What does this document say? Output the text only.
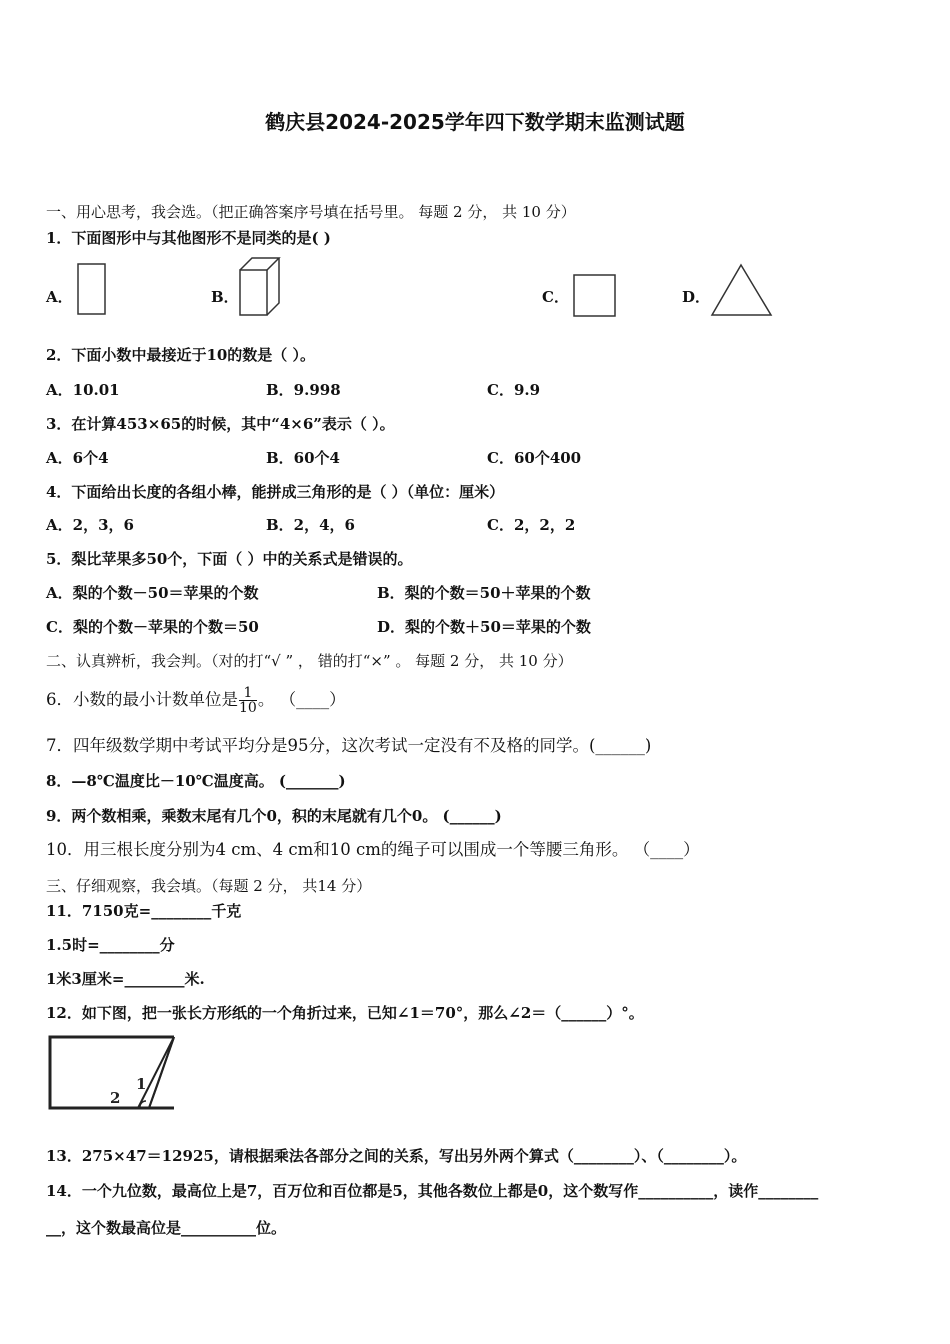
鹤庆县2024-2025学年四下数学期末监测试题
一、用心思考，我会选。（把正确答案序号填在括号里。 每题 2 分， 共 10 分）
1．下面图形中与其他图形不是同类的是( )
A．	B．	C．	D．
2．下面小数中最接近于10的数是（ ）。
A．10.01	B．9.998	C．9.9
3．在计算453×65的时候，其中“4×6”表示（ ）。
A．6个4	B．60个4	C．60个400
4．下面给出长度的各组小棒，能拼成三角形的是（ ）（单位：厘米）
A．2，3，6	B．2，4，6	C．2，2，2
5．梨比苹果多50个，下面（ ）中的关系式是错误的。
A．梨的个数－50＝苹果的个数	B．梨的个数＝50＋苹果的个数
C．梨的个数－苹果的个数＝50	D．梨的个数＋50＝苹果的个数
二、认真辨析，我会判。（对的打“√ ” ， 错的打“×” 。 每题 2 分， 共 10 分）
6．小数的最小计数单位是 $\frac{1}{10}$ 。 （____）
7．四年级数学期中考试平均分是95分，这次考试一定没有不及格的同学。(______)
8．—8℃温度比－10℃温度高。 (_______)
9．两个数相乘，乘数末尾有几个0，积的末尾就有几个0。 (______)
10．用三根长度分别为4 cm、4 cm和10 cm的绳子可以围成一个等腰三角形。 （____）
三、仔细观察，我会填。（每题 2 分， 共14 分）
11．7150克=________千克
1.5时=________分
1米3厘米=________米.
12．如下图，把一张长方形纸的一个角折过来，已知∠1＝70°，那么∠2＝（______）°。
1
2
13．275×47＝12925，请根据乘法各部分之间的关系，写出另外两个算式（________）、（________）。
14．一个九位数，最高位上是7，百万位和百位都是5，其他各数位上都是0，这个数写作__________，读作________
__，这个数最高位是__________位。
